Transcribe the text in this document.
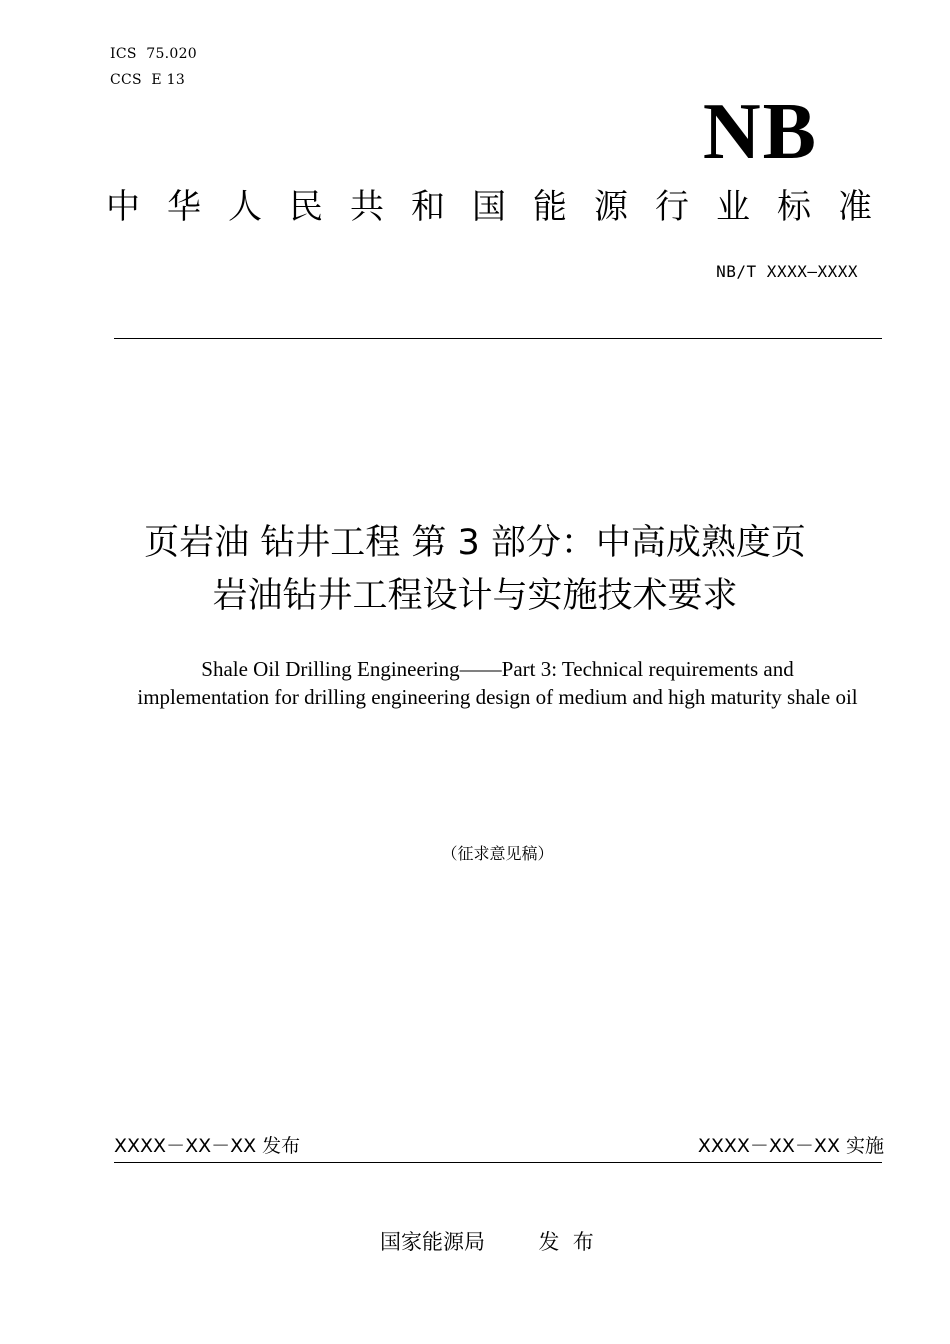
ICS  75.020
CCS  E 13
NB
中华人民共和国能源行业标准
NB/T XXXX—XXXX
页岩油 钻井工程 第 3 部分：中高成熟度页
岩油钻井工程设计与实施技术要求
Shale Oil Drilling Engineering——Part 3: Technical requirements and
implementation for drilling engineering design of medium and high maturity shale oil
（征求意见稿）
XXXX－XX－XX 发布	XXXX－XX－XX 实施
国家能源局        发  布
